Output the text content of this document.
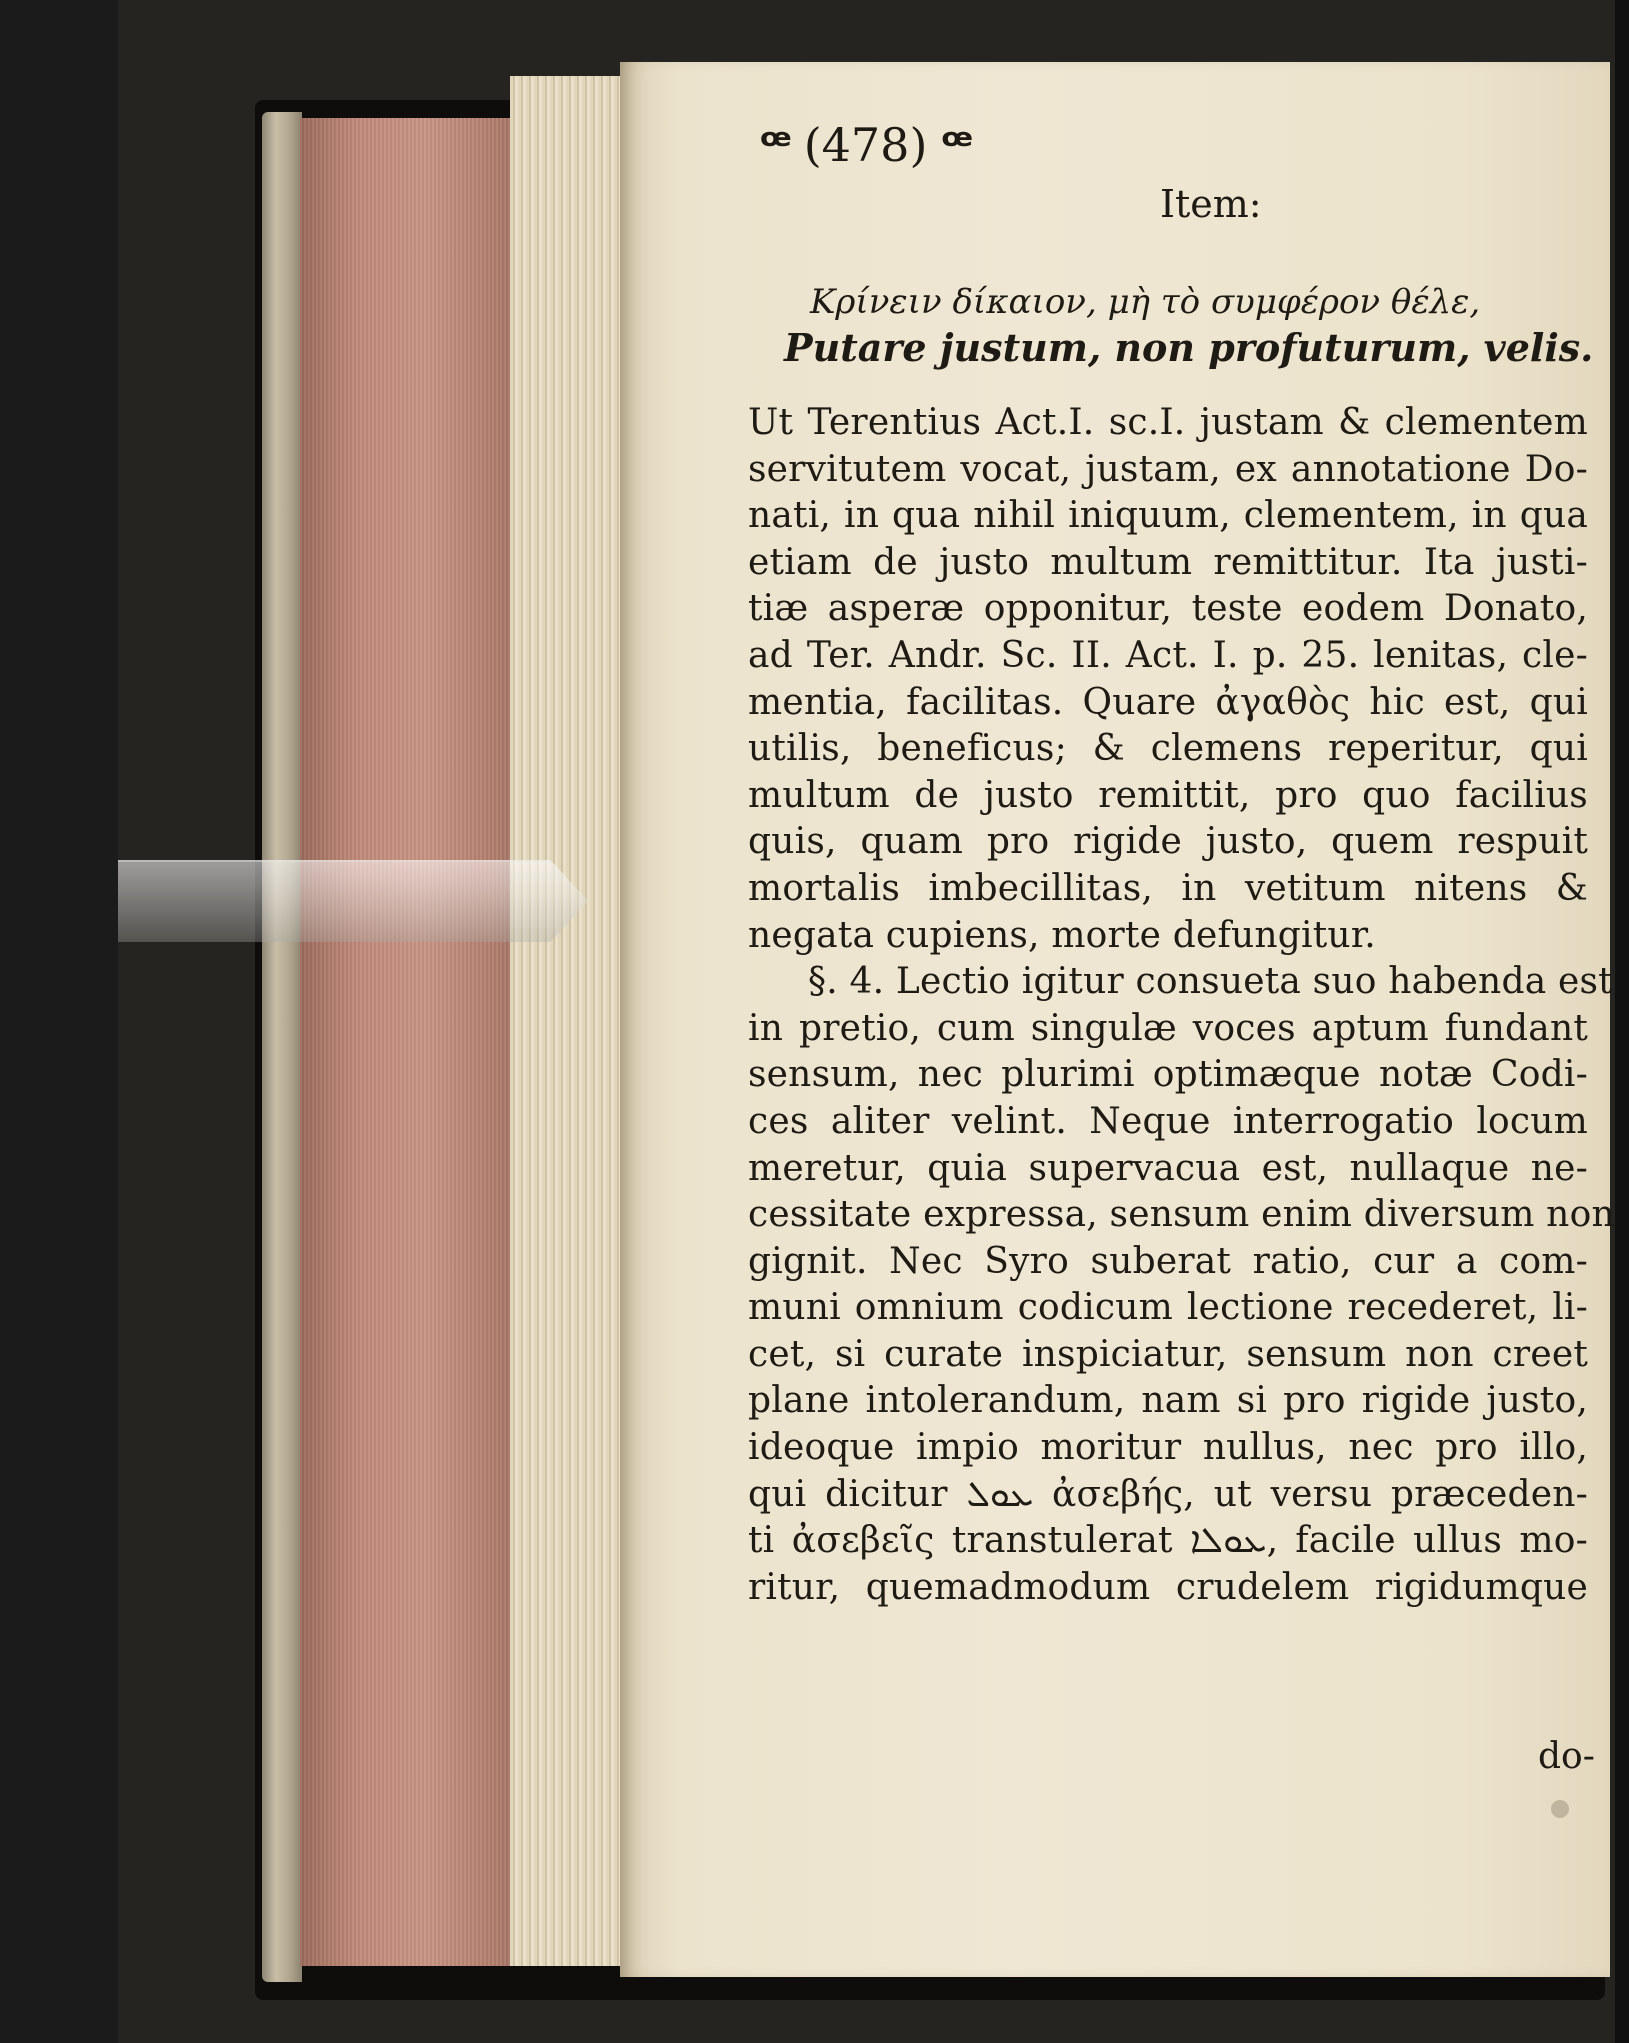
ꟹ (478) ꟹ
Item:
Κρίνειν δίκαιον, μὴ τὸ συμφέρον θέλε,
Putare justum, non profuturum, velis.
Ut Terentius Act.I. sc.I. justam & clementem
servitutem vocat, justam, ex annotatione Do-
nati, in qua nihil iniquum, clementem, in qua
etiam de justo multum remittitur. Ita justi-
tiæ asperæ opponitur, teste eodem Donato,
ad Ter. Andr. Sc. II. Act. I. p. 25. lenitas, cle-
mentia, facilitas. Quare ἀγαθὸς hic est, qui
utilis, beneficus; & clemens reperitur, qui
multum de justo remittit, pro quo facilius
quis, quam pro rigide justo, quem respuit
mortalis imbecillitas, in vetitum nitens &
negata cupiens, morte defungitur.
§. 4. Lectio igitur consueta suo habenda est
in pretio, cum singulæ voces aptum fundant
sensum, nec plurimi optimæque notæ Codi-
ces aliter velint. Neque interrogatio locum
meretur, quia supervacua est, nullaque ne-
cessitate expressa, sensum enim diversum non
gignit. Nec Syro suberat ratio, cur a com-
muni omnium codicum lectione recederet, li-
cet, si curate inspiciatur, sensum non creet
plane intolerandum, nam si pro rigide justo,
ideoque impio moritur nullus, nec pro illo,
qui dicitur ܥܘܠ ἀσεβής, ut versu præceden-
ti ἀσεβεῖς transtulerat ܥܘܠܐ, facile ullus mo-
ritur, quemadmodum crudelem rigidumque
do-
